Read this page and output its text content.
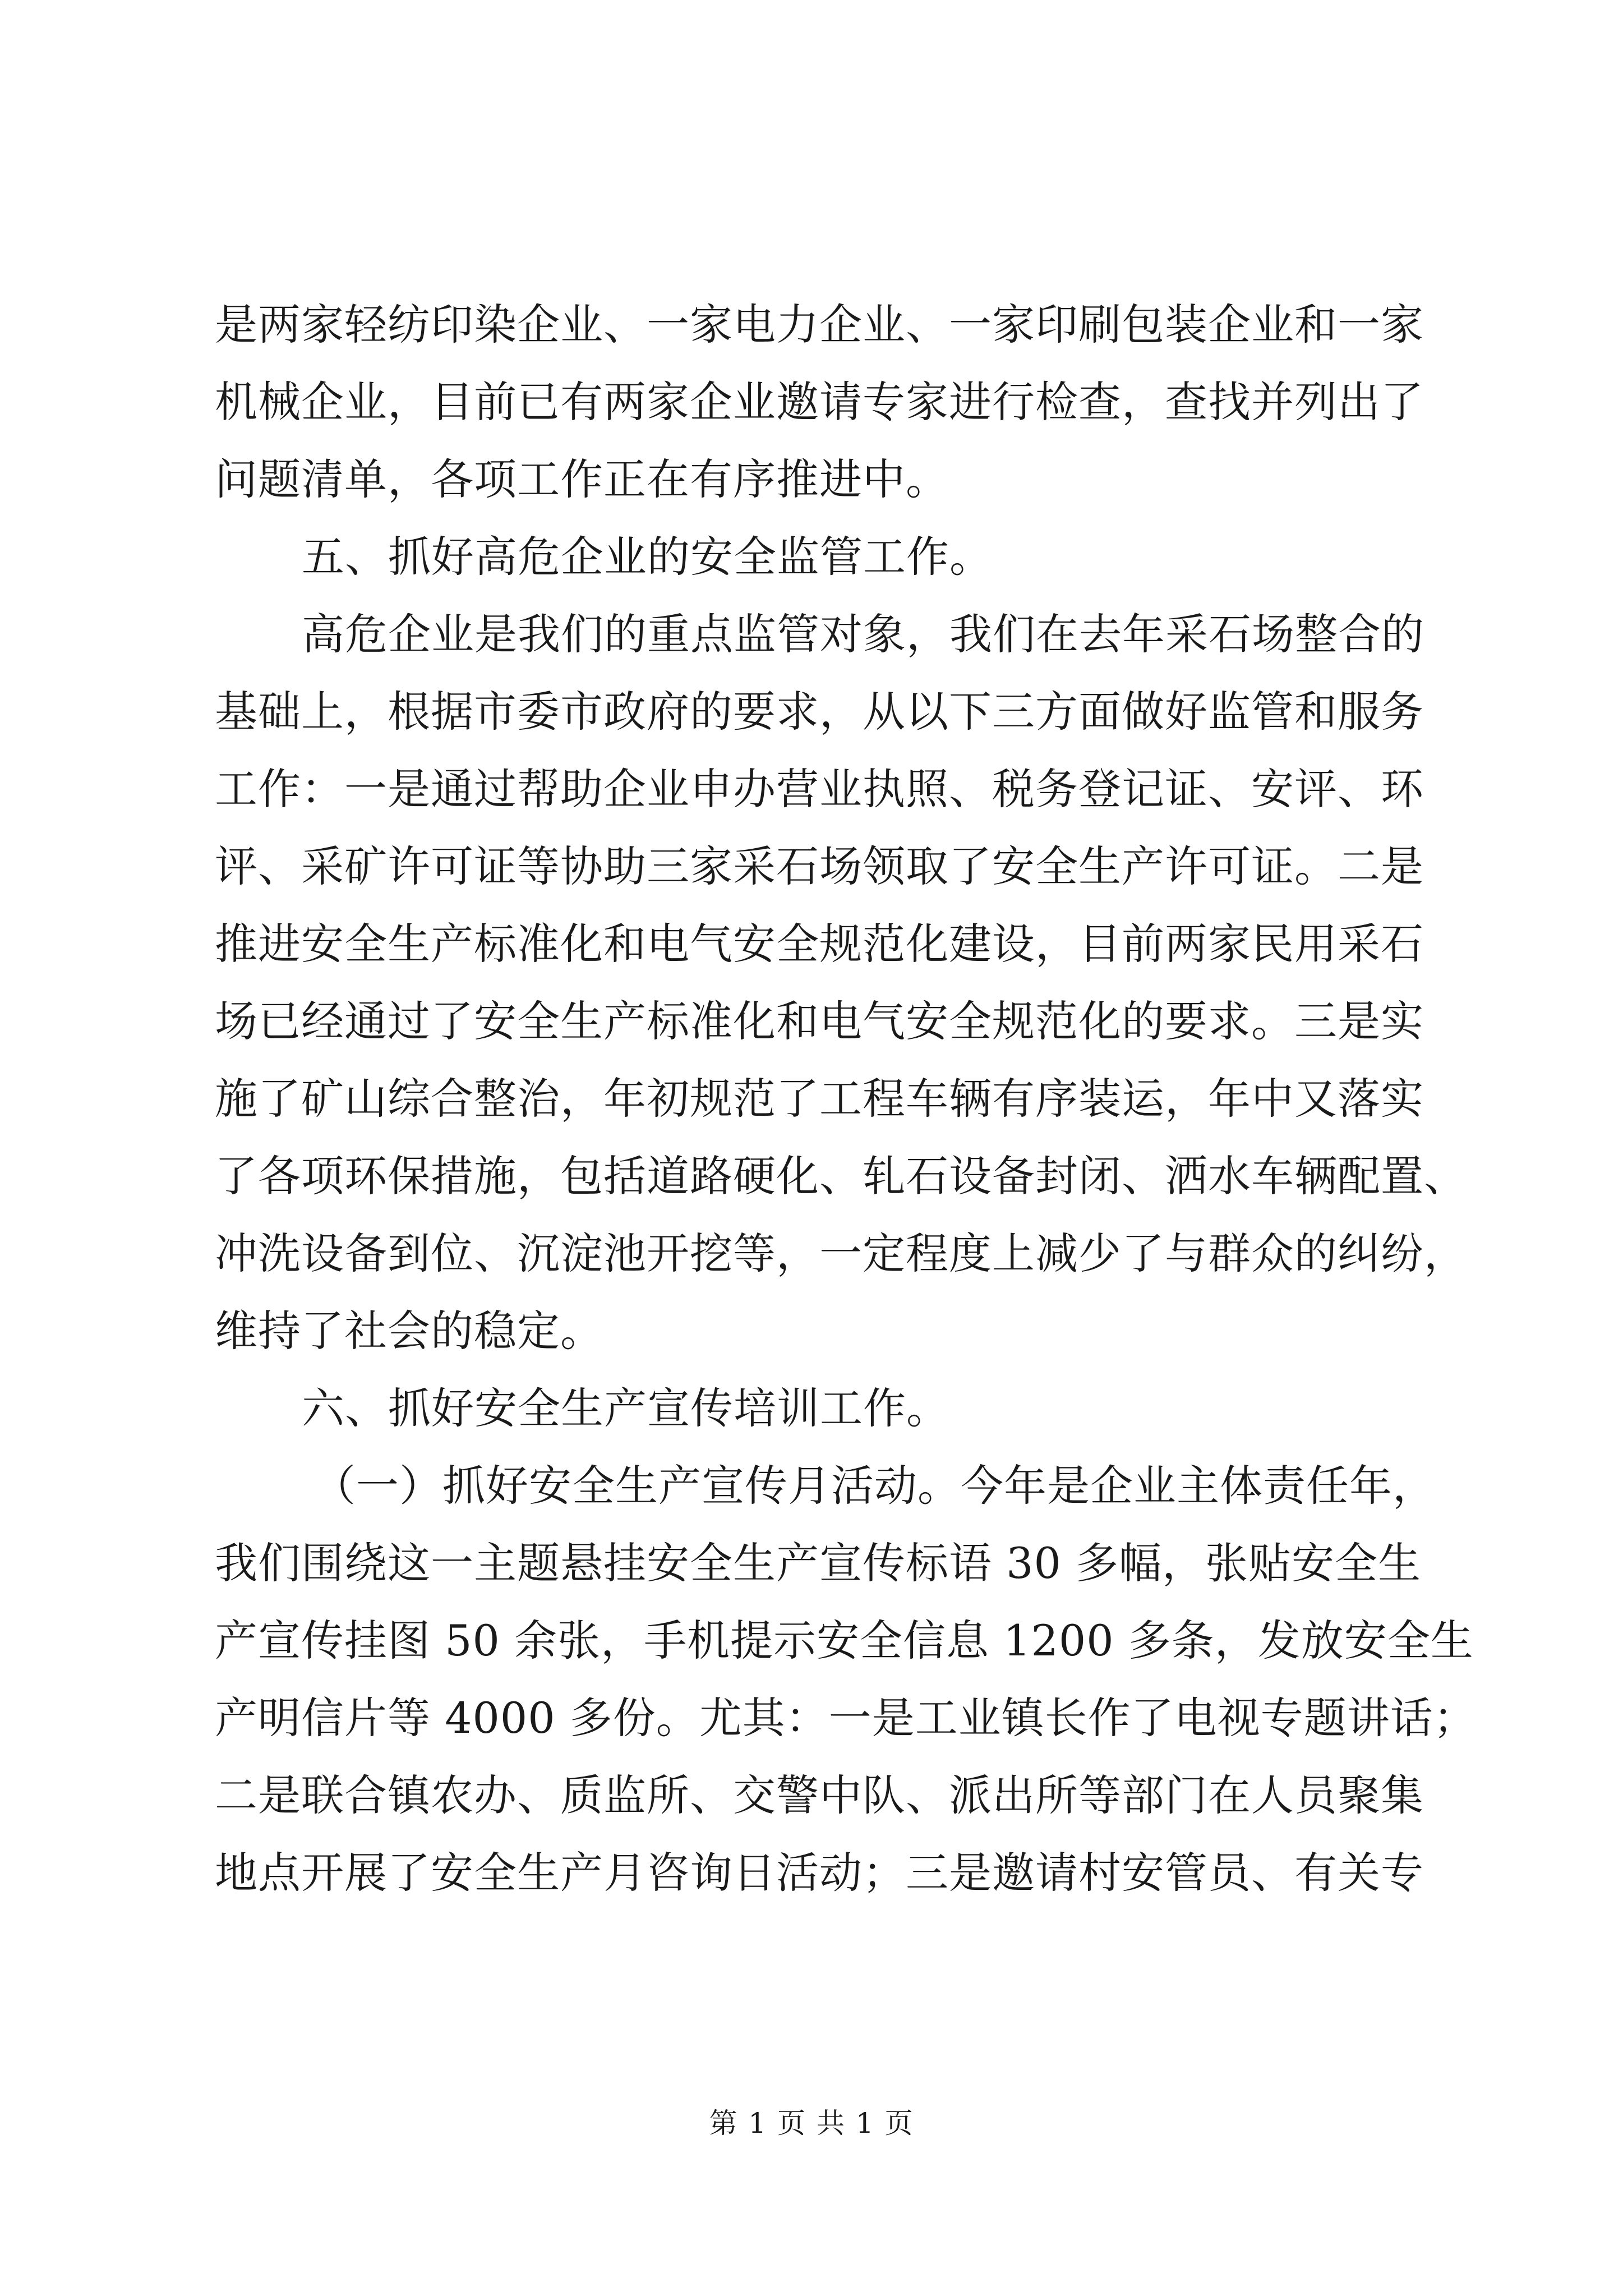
是两家轻纺印染企业、一家电力企业、一家印刷包装企业和一家
机械企业，目前已有两家企业邀请专家进行检查，查找并列出了
问题清单，各项工作正在有序推进中。
五、抓好高危企业的安全监管工作。
高危企业是我们的重点监管对象，我们在去年采石场整合的
基础上，根据市委市政府的要求，从以下三方面做好监管和服务
工作：一是通过帮助企业申办营业执照、税务登记证、安评、环
评、采矿许可证等协助三家采石场领取了安全生产许可证。二是
推进安全生产标准化和电气安全规范化建设，目前两家民用采石
场已经通过了安全生产标准化和电气安全规范化的要求。三是实
施了矿山综合整治，年初规范了工程车辆有序装运，年中又落实
了各项环保措施，包括道路硬化、轧石设备封闭、洒水车辆配置、
冲洗设备到位、沉淀池开挖等，一定程度上减少了与群众的纠纷，
维持了社会的稳定。
六、抓好安全生产宣传培训工作。
（一）抓好安全生产宣传月活动。今年是企业主体责任年，
我们围绕这一主题悬挂安全生产宣传标语 30 多幅，张贴安全生
产宣传挂图 50 余张，手机提示安全信息 1200 多条，发放安全生
产明信片等 4000 多份。尤其：一是工业镇长作了电视专题讲话；
二是联合镇农办、质监所、交警中队、派出所等部门在人员聚集
地点开展了安全生产月咨询日活动；三是邀请村安管员、有关专
第 1 页 共 1 页
